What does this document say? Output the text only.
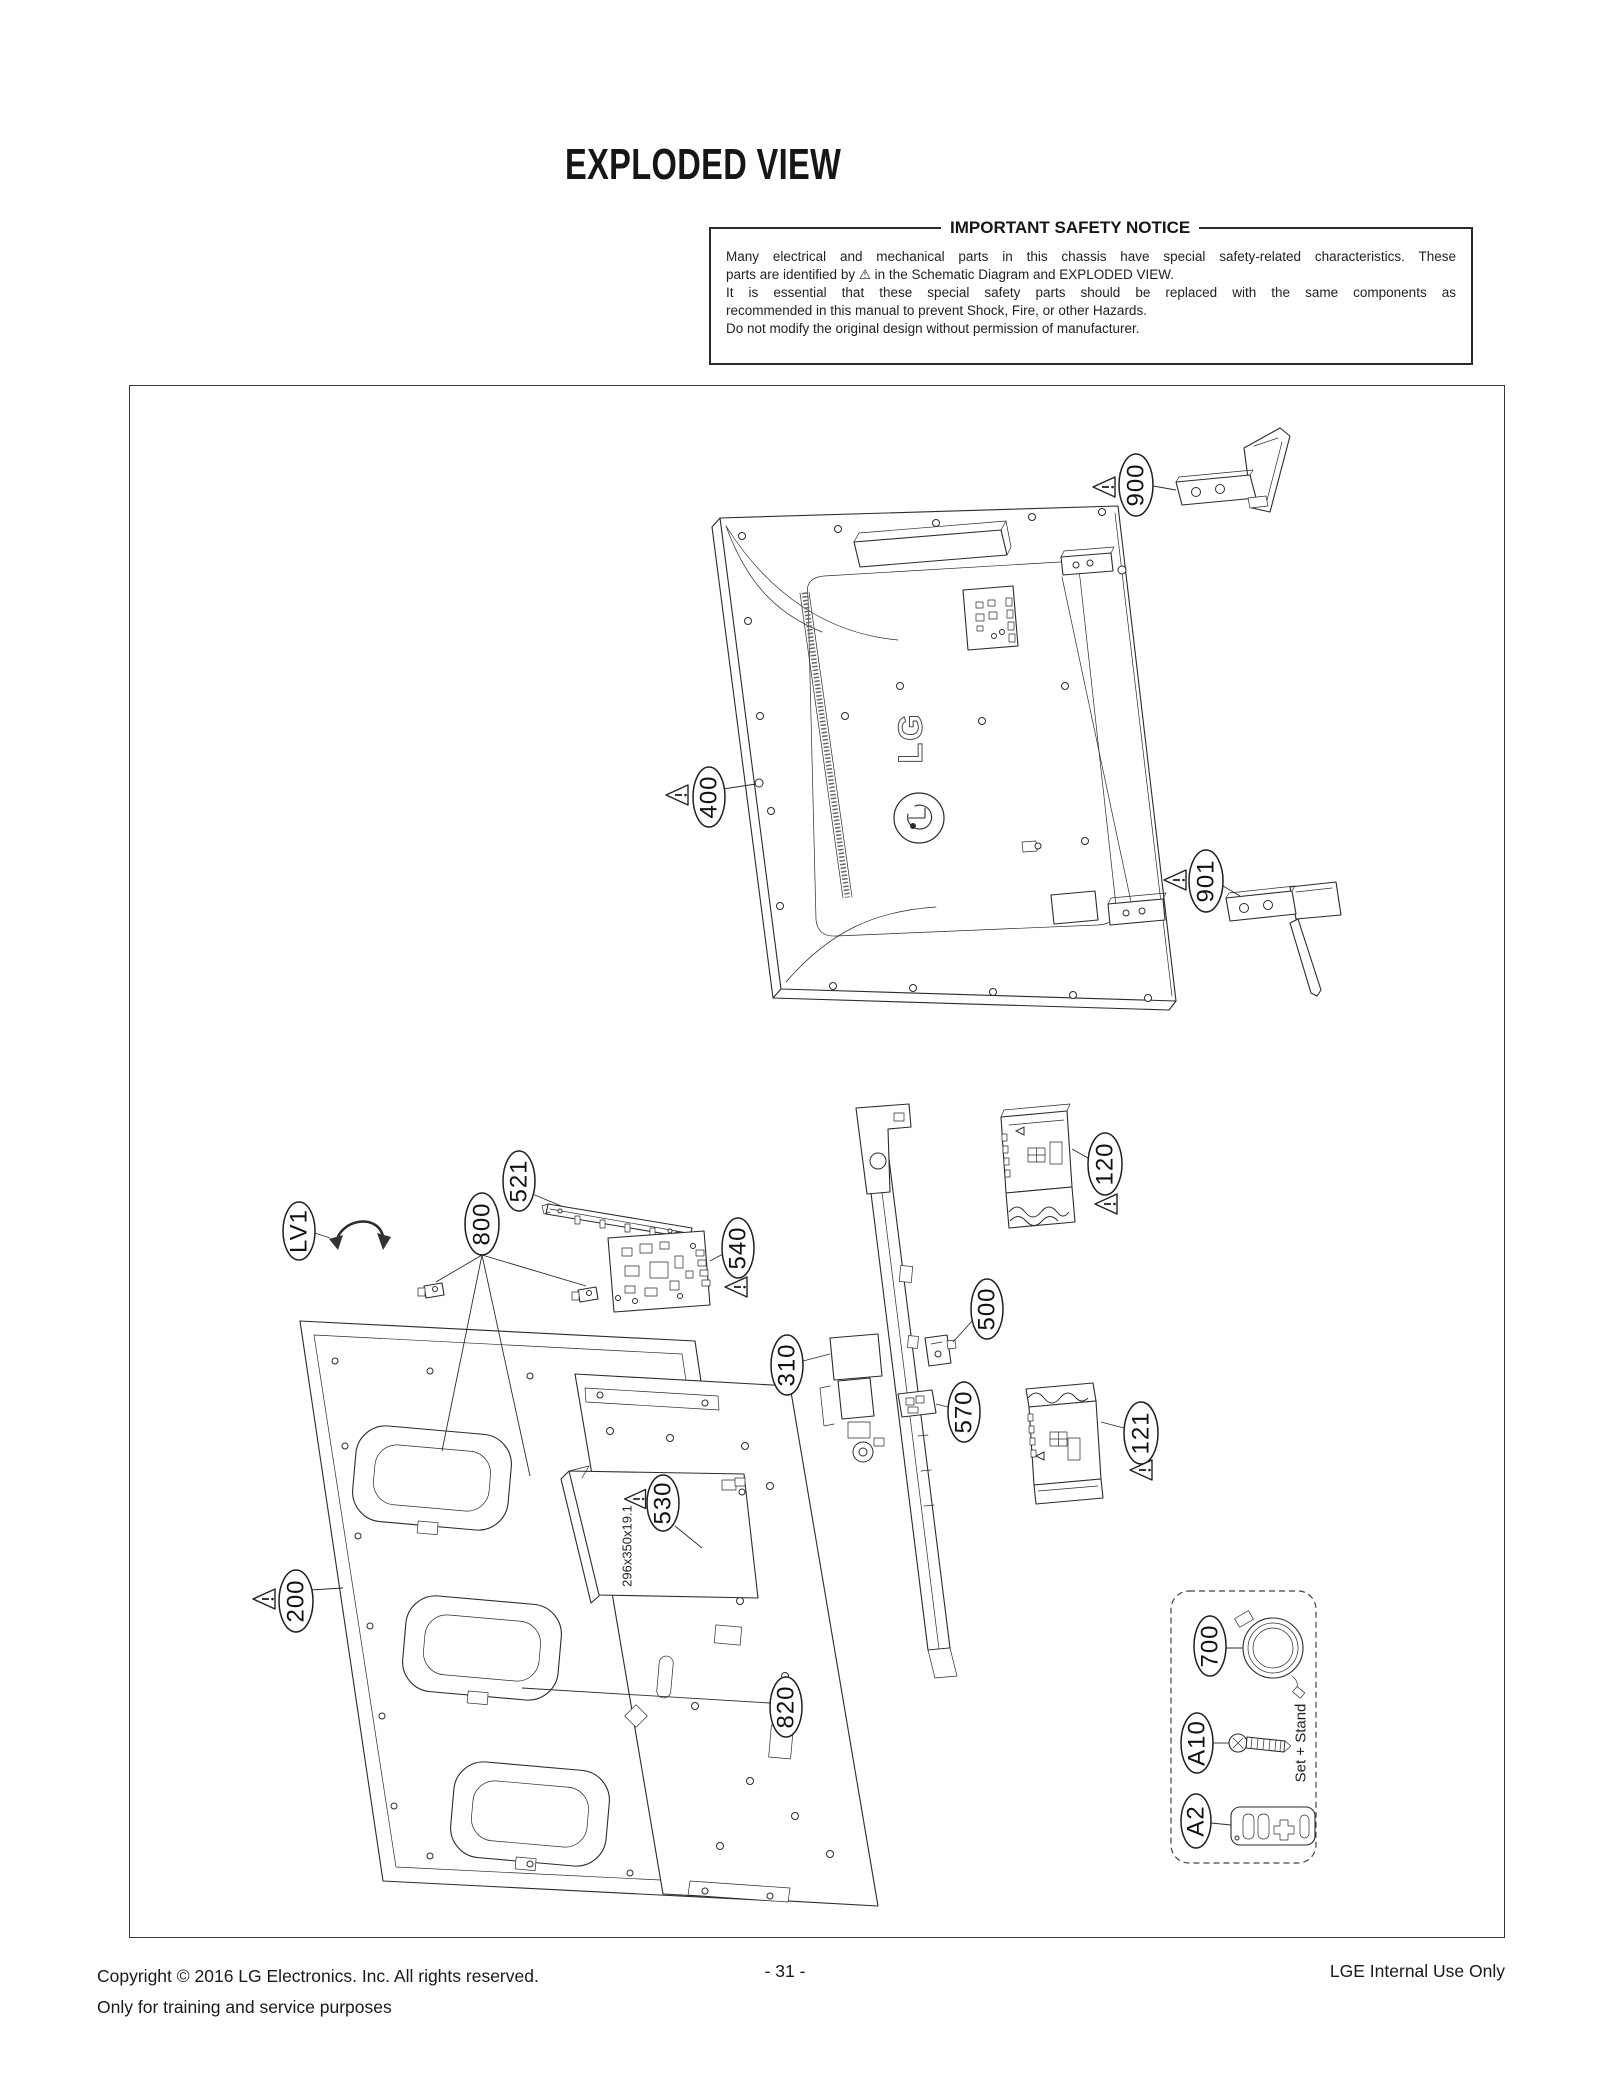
EXPLODED VIEW
IMPORTANT SAFETY NOTICE
Many electrical and mechanical parts in this chassis have special safety-related characteristics. These
parts are identified by ⚠ in the Schematic Diagram and EXPLODED VIEW.
It is essential that these special safety parts should be replaced with the same components as
recommended in this manual to prevent Shock, Fire, or other Hazards.
Do not modify the original design without permission of manufacturer.
296x350x19.1
530
310
500
570
120
121
800
LV1
521
540
LG
400
900
901
200
820
700
A10	Set + Stand
A2
Copyright © 2016 LG Electronics. Inc. All rights reserved.
Only for training and service purposes
- 31 -	LGE Internal Use Only
